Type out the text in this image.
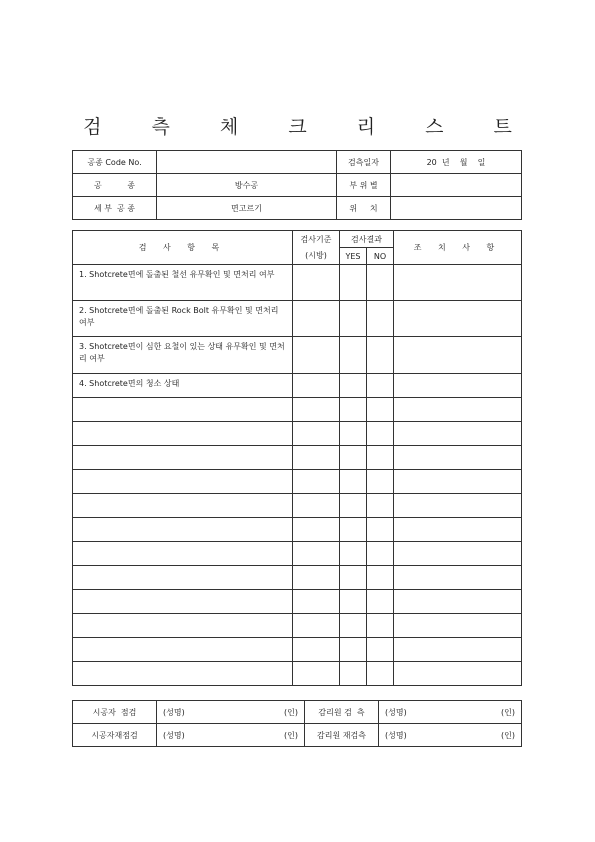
검 측 체 크 리 스 트
공종 Code No.		검측일자	20  년    월    일
공          종	방수공	부 위 별	
세 부  공 종	면고르기	위     치	
검 사 항 목	검사기준	검사결과		조 치 사 항
	(시방)	YES	NO	
1. Shotcrete면에 돌출된 철선 유무확인 및 면처리 여부				
2. Shotcrete면에 돌출된 Rock Bolt 유무확인 및 면처리 여부				
3. Shotcrete면이 심한 요철이 있는 상태 유무확인 및 면처리 여부				
4. Shotcrete면의 청소 상태				

시공자  점검	(성명) (인)	감리원 검  측	(성명) (인)

시공자재점검	(성명) (인)	감리원 재검측	(성명) (인)
